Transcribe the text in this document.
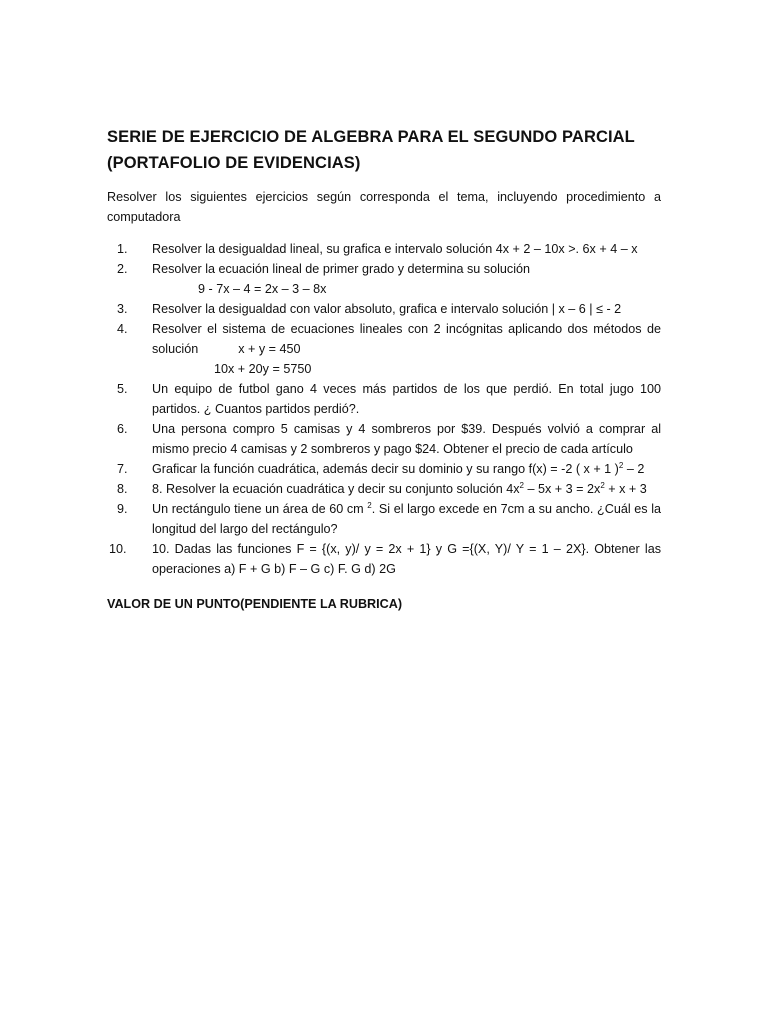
SERIE DE EJERCICIO DE ALGEBRA PARA EL SEGUNDO PARCIAL (PORTAFOLIO DE EVIDENCIAS)

Resolver los siguientes ejercicios según corresponda el tema, incluyendo procedimiento a computadora

1. Resolver la desigualdad lineal, su grafica e intervalo solución 4x + 2 – 10x >. 6x + 4 – x
2. Resolver la ecuación lineal de primer grado y determina su solución
9 - 7x – 4 = 2x – 3 – 8x
3. Resolver la desigualdad con valor absoluto, grafica e intervalo solución | x – 6 | ≤ - 2
4. Resolver el sistema de ecuaciones lineales con 2 incógnitas aplicando dos métodos de
solución	x + y = 450
10x + 20y = 5750
5. Un equipo de futbol gano 4 veces más partidos de los que perdió. En total jugo 100 partidos. ¿ Cuantos partidos perdió?.
6. Una persona compro 5 camisas y 4 sombreros por $39. Después volvió a comprar al mismo precio 4 camisas y 2 sombreros y pago $24. Obtener el precio de cada artículo
7. Graficar la función cuadrática, además decir su dominio y su rango f(x) = -2 ( x + 1 )$^2$ – 2
8. 8. Resolver la ecuación cuadrática y decir su conjunto solución $4x^2 - 5x + 3 = 2x^2 + x + 3$
9. Un rectángulo tiene un área de 60 cm $^2$. Si el largo excede en 7cm a su ancho. ¿Cuál es la longitud del largo del rectángulo?
10. 10. Dadas las funciones F = {(x, y)/ y = 2x + 1} y G ={(X, Y)/ Y = 1 – 2X}. Obtener las operaciones a) F + G b) F – G c) F. G d) 2G

VALOR DE UN PUNTO(PENDIENTE LA RUBRICA)
